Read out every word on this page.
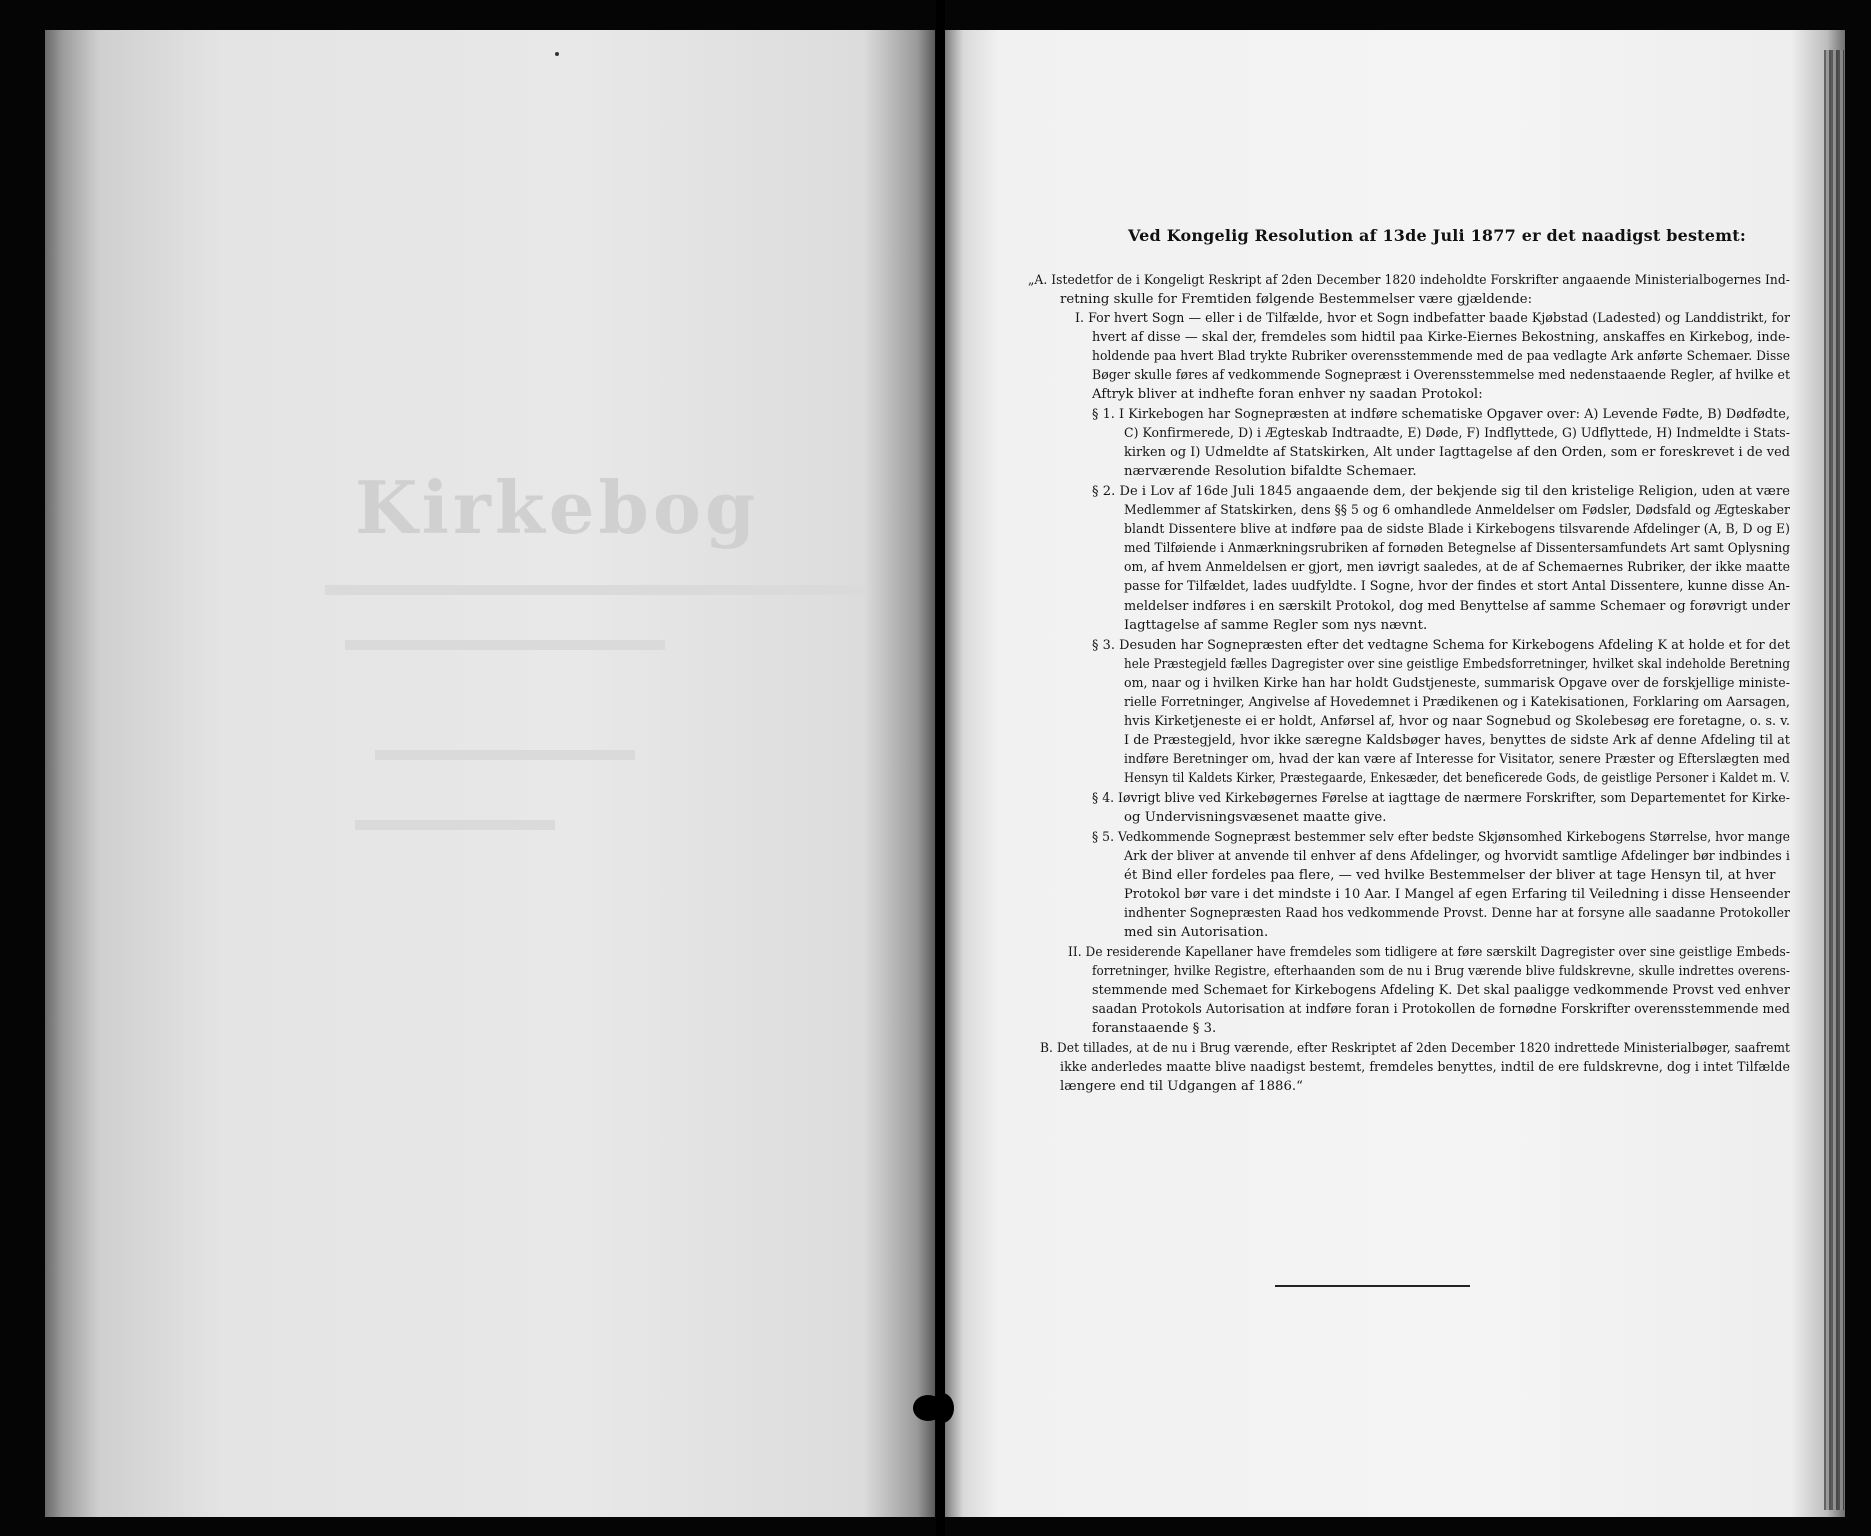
Kirkebog
Ved Kongelig Resolution af 13de Juli 1877 er det naadigst bestemt:
„A. Istedetfor de i Kongeligt Reskript af 2den December 1820 indeholdte Forskrifter angaaende Ministerialbogernes Ind-
retning skulle for Fremtiden følgende Bestemmelser være gjældende:
I. For hvert Sogn — eller i de Tilfælde, hvor et Sogn indbefatter baade Kjøbstad (Ladested) og Landdistrikt, for
hvert af disse — skal der, fremdeles som hidtil paa Kirke-Eiernes Bekostning, anskaffes en Kirkebog, inde-
holdende paa hvert Blad trykte Rubriker overensstemmende med de paa vedlagte Ark anførte Schemaer. Disse
Bøger skulle føres af vedkommende Sognepræst i Overensstemmelse med nedenstaaende Regler, af hvilke et
Aftryk bliver at indhefte foran enhver ny saadan Protokol:
§ 1. I Kirkebogen har Sognepræsten at indføre schematiske Opgaver over: A) Levende Fødte, B) Dødfødte,
C) Konfirmerede, D) i Ægteskab Indtraadte, E) Døde, F) Indflyttede, G) Udflyttede, H) Indmeldte i Stats-
kirken og I) Udmeldte af Statskirken, Alt under Iagttagelse af den Orden, som er foreskrevet i de ved
nærværende Resolution bifaldte Schemaer.
§ 2. De i Lov af 16de Juli 1845 angaaende dem, der bekjende sig til den kristelige Religion, uden at være
Medlemmer af Statskirken, dens §§ 5 og 6 omhandlede Anmeldelser om Fødsler, Dødsfald og Ægteskaber
blandt Dissentere blive at indføre paa de sidste Blade i Kirkebogens tilsvarende Afdelinger (A, B, D og E)
med Tilføiende i Anmærkningsrubriken af fornøden Betegnelse af Dissentersamfundets Art samt Oplysning
om, af hvem Anmeldelsen er gjort, men iøvrigt saaledes, at de af Schemaernes Rubriker, der ikke maatte
passe for Tilfældet, lades uudfyldte. I Sogne, hvor der findes et stort Antal Dissentere, kunne disse An-
meldelser indføres i en særskilt Protokol, dog med Benyttelse af samme Schemaer og forøvrigt under
Iagttagelse af samme Regler som nys nævnt.
§ 3. Desuden har Sognepræsten efter det vedtagne Schema for Kirkebogens Afdeling K at holde et for det
hele Præstegjeld fælles Dagregister over sine geistlige Embedsforretninger, hvilket skal indeholde Beretning
om, naar og i hvilken Kirke han har holdt Gudstjeneste, summarisk Opgave over de forskjellige ministe-
rielle Forretninger, Angivelse af Hovedemnet i Prædikenen og i Katekisationen, Forklaring om Aarsagen,
hvis Kirketjeneste ei er holdt, Anførsel af, hvor og naar Sognebud og Skolebesøg ere foretagne, o. s. v.
I de Præstegjeld, hvor ikke særegne Kaldsbøger haves, benyttes de sidste Ark af denne Afdeling til at
indføre Beretninger om, hvad der kan være af Interesse for Visitator, senere Præster og Efterslægten med
Hensyn til Kaldets Kirker, Præstegaarde, Enkesæder, det beneficerede Gods, de geistlige Personer i Kaldet m. V.
§ 4. Iøvrigt blive ved Kirkebøgernes Førelse at iagttage de nærmere Forskrifter, som Departementet for Kirke-
og Undervisningsvæsenet maatte give.
§ 5. Vedkommende Sognepræst bestemmer selv efter bedste Skjønsomhed Kirkebogens Størrelse, hvor mange
Ark der bliver at anvende til enhver af dens Afdelinger, og hvorvidt samtlige Afdelinger bør indbindes i
ét Bind eller fordeles paa flere, — ved hvilke Bestemmelser der bliver at tage Hensyn til, at hver
Protokol bør vare i det mindste i 10 Aar. I Mangel af egen Erfaring til Veiledning i disse Henseender
indhenter Sognepræsten Raad hos vedkommende Provst. Denne har at forsyne alle saadanne Protokoller
med sin Autorisation.
II. De residerende Kapellaner have fremdeles som tidligere at føre særskilt Dagregister over sine geistlige Embeds-
forretninger, hvilke Registre, efterhaanden som de nu i Brug værende blive fuldskrevne, skulle indrettes overens-
stemmende med Schemaet for Kirkebogens Afdeling K. Det skal paaligge vedkommende Provst ved enhver
saadan Protokols Autorisation at indføre foran i Protokollen de fornødne Forskrifter overensstemmende med
foranstaaende § 3.
B. Det tillades, at de nu i Brug værende, efter Reskriptet af 2den December 1820 indrettede Ministerialbøger, saafremt
ikke anderledes maatte blive naadigst bestemt, fremdeles benyttes, indtil de ere fuldskrevne, dog i intet Tilfælde
længere end til Udgangen af 1886.“
